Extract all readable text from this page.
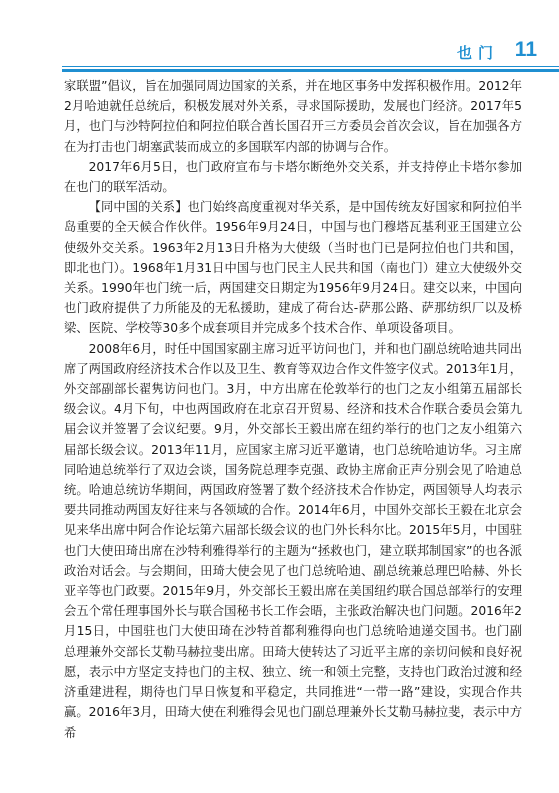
也门 11

家联盟”倡议，旨在加强同周边国家的关系，并在地区事务中发挥积极作用。2012年2月哈迪就任总统后，积极发展对外关系，寻求国际援助，发展也门经济。2017年5月，也门与沙特阿拉伯和阿拉伯联合酋长国召开三方委员会首次会议，旨在加强各方在为打击也门胡塞武装而成立的多国联军内部的协调与合作。

2017年6月5日，也门政府宣布与卡塔尔断绝外交关系，并支持停止卡塔尔参加在也门的联军活动。

【同中国的关系】也门始终高度重视对华关系，是中国传统友好国家和阿拉伯半岛重要的全天候合作伙伴。1956年9月24日，中国与也门穆塔瓦基利亚王国建立公使级外交关系。1963年2月13日升格为大使级（当时也门已是阿拉伯也门共和国，即北也门）。1968年1月31日中国与也门民主人民共和国（南也门）建立大使级外交关系。1990年也门统一后，两国建交日期定为1956年9月24日。建交以来，中国向也门政府提供了力所能及的无私援助，建成了荷台达-萨那公路、萨那纺织厂以及桥梁、医院、学校等30多个成套项目并完成多个技术合作、单项设备项目。

2008年6月，时任中国国家副主席习近平访问也门，并和也门副总统哈迪共同出席了两国政府经济技术合作以及卫生、教育等双边合作文件签字仪式。2013年1月，外交部副部长翟隽访问也门。3月，中方出席在伦敦举行的也门之友小组第五届部长级会议。4月下旬，中也两国政府在北京召开贸易、经济和技术合作联合委员会第九届会议并签署了会议纪要。9月，外交部长王毅出席在纽约举行的也门之友小组第六届部长级会议。2013年11月，应国家主席习近平邀请，也门总统哈迪访华。习主席同哈迪总统举行了双边会谈，国务院总理李克强、政协主席俞正声分别会见了哈迪总统。哈迪总统访华期间，两国政府签署了数个经济技术合作协定，两国领导人均表示要共同推动两国友好往来与各领域的合作。2014年6月，中国外交部长王毅在北京会见来华出席中阿合作论坛第六届部长级会议的也门外长科尔比。2015年5月，中国驻也门大使田琦出席在沙特利雅得举行的主题为“拯救也门，建立联邦制国家”的也各派政治对话会。与会期间，田琦大使会见了也门总统哈迪、副总统兼总理巴哈赫、外长亚辛等也门政要。2015年9月，外交部长王毅出席在美国纽约联合国总部举行的安理会五个常任理事国外长与联合国秘书长工作会晤，主张政治解决也门问题。2016年2月15日，中国驻也门大使田琦在沙特首都利雅得向也门总统哈迪递交国书。也门副总理兼外交部长艾勒马赫拉斐出席。田琦大使转达了习近平主席的亲切问候和良好祝愿，表示中方坚定支持也门的主权、独立、统一和领土完整，支持也门政治过渡和经济重建进程，期待也门早日恢复和平稳定，共同推进“一带一路”建设，实现合作共赢。2016年3月，田琦大使在利雅得会见也门副总理兼外长艾勒马赫拉斐，表示中方希
